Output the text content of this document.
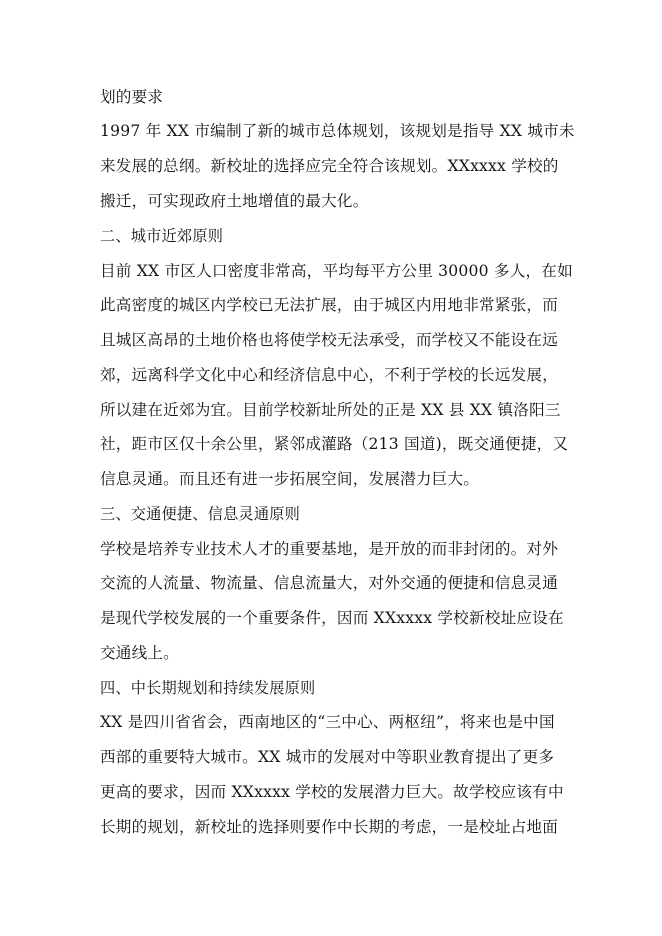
划的要求
1997 年 XX 市编制了新的城市总体规划，该规划是指导 XX 城市未
来发展的总纲。新校址的选择应完全符合该规划。XXxxxx 学校的
搬迁，可实现政府土地增值的最大化。
二、城市近郊原则
目前 XX 市区人口密度非常高，平均每平方公里 30000 多人，在如
此高密度的城区内学校已无法扩展，由于城区内用地非常紧张，而
且城区高昂的土地价格也将使学校无法承受，而学校又不能设在远
郊，远离科学文化中心和经济信息中心，不利于学校的长远发展，
所以建在近郊为宜。目前学校新址所处的正是 XX 县 XX 镇洛阳三
社，距市区仅十余公里，紧邻成灌路（213 国道)，既交通便捷，又
信息灵通。而且还有进一步拓展空间，发展潜力巨大。
三、交通便捷、信息灵通原则
学校是培养专业技术人才的重要基地，是开放的而非封闭的。对外
交流的人流量、物流量、信息流量大，对外交通的便捷和信息灵通
是现代学校发展的一个重要条件，因而 XXxxxx 学校新校址应设在
交通线上。
四、中长期规划和持续发展原则
XX 是四川省省会，西南地区的“三中心、两枢纽”，将来也是中国
西部的重要特大城市。XX 城市的发展对中等职业教育提出了更多
更高的要求，因而 XXxxxx 学校的发展潜力巨大。故学校应该有中
长期的规划，新校址的选择则要作中长期的考虑，一是校址占地面
